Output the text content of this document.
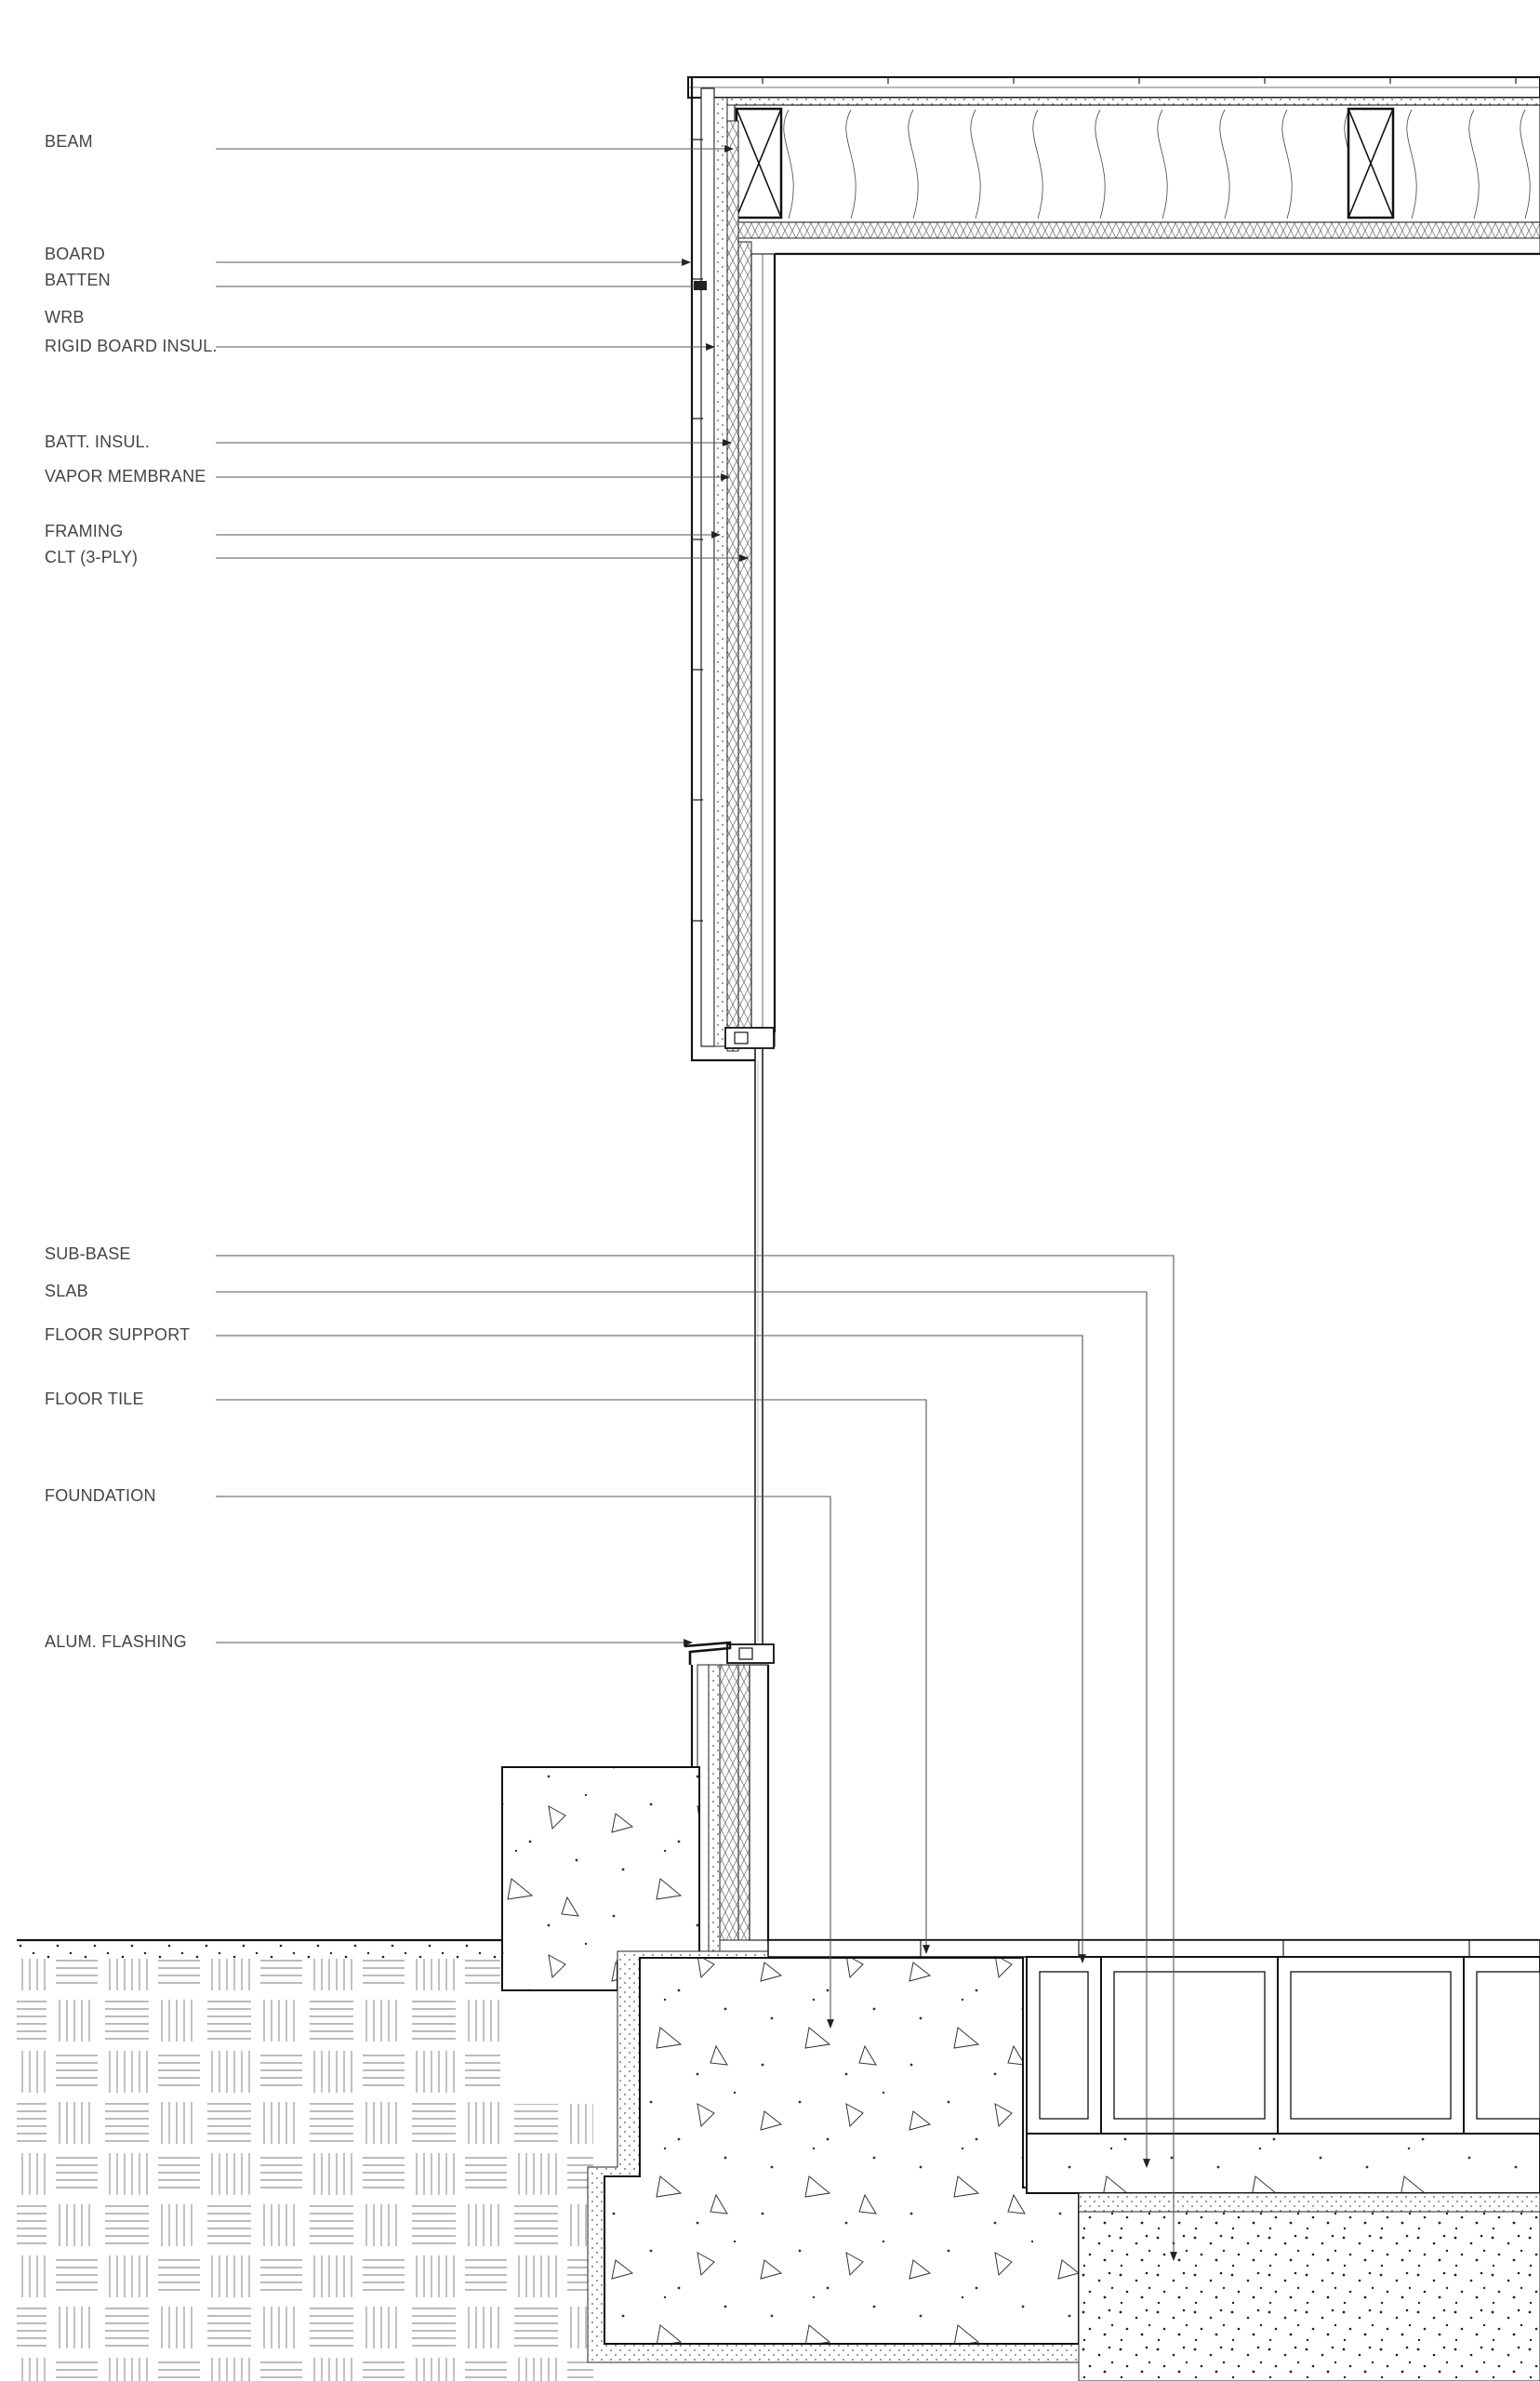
BEAM
BOARD
BATTEN
WRB
RIGID BOARD INSUL.
BATT. INSUL.
VAPOR MEMBRANE
FRAMING
CLT (3-PLY)
SUB-BASE
SLAB
FLOOR SUPPORT
FLOOR TILE
FOUNDATION
ALUM. FLASHING
